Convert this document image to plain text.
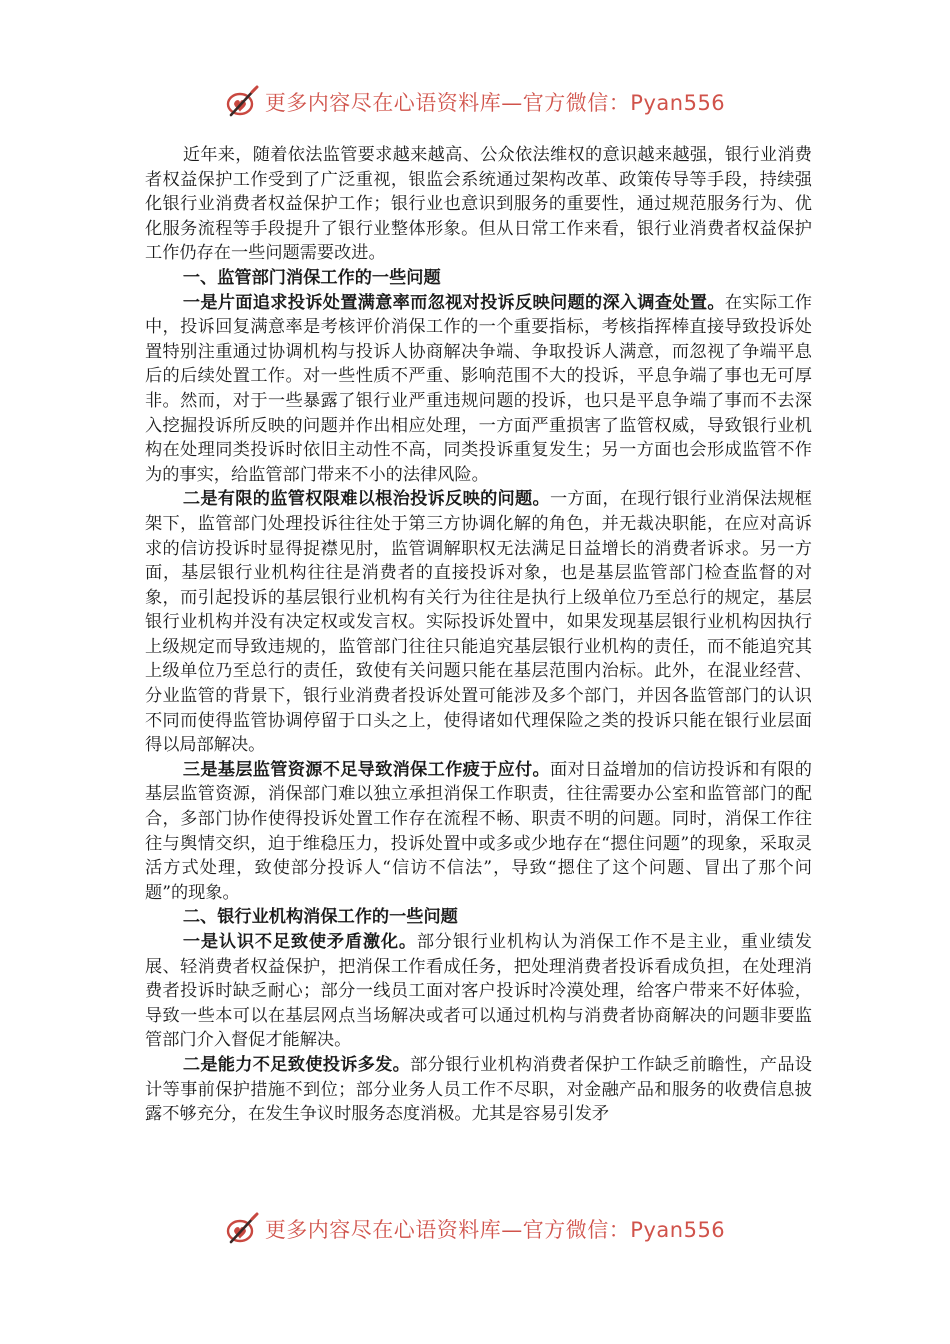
更多内容尽在心语资料库—官方微信：Pyan556

近年来，随着依法监管要求越来越高、公众依法维权的意识越来越强，银行业消费者权益保护工作受到了广泛重视，银监会系统通过架构改革、政策传导等手段，持续强化银行业消费者权益保护工作；银行业也意识到服务的重要性，通过规范服务行为、优化服务流程等手段提升了银行业整体形象。但从日常工作来看，银行业消费者权益保护工作仍存在一些问题需要改进。

一、监管部门消保工作的一些问题

一是片面追求投诉处置满意率而忽视对投诉反映问题的深入调查处置。在实际工作中，投诉回复满意率是考核评价消保工作的一个重要指标，考核指挥棒直接导致投诉处置特别注重通过协调机构与投诉人协商解决争端、争取投诉人满意，而忽视了争端平息后的后续处置工作。对一些性质不严重、影响范围不大的投诉，平息争端了事也无可厚非。然而，对于一些暴露了银行业严重违规问题的投诉，也只是平息争端了事而不去深入挖掘投诉所反映的问题并作出相应处理，一方面严重损害了监管权威，导致银行业机构在处理同类投诉时依旧主动性不高，同类投诉重复发生；另一方面也会形成监管不作为的事实，给监管部门带来不小的法律风险。

二是有限的监管权限难以根治投诉反映的问题。一方面，在现行银行业消保法规框架下，监管部门处理投诉往往处于第三方协调化解的角色，并无裁决职能，在应对高诉求的信访投诉时显得捉襟见肘，监管调解职权无法满足日益增长的消费者诉求。另一方面，基层银行业机构往往是消费者的直接投诉对象，也是基层监管部门检查监督的对象，而引起投诉的基层银行业机构有关行为往往是执行上级单位乃至总行的规定，基层银行业机构并没有决定权或发言权。实际投诉处置中，如果发现基层银行业机构因执行上级规定而导致违规的，监管部门往往只能追究基层银行业机构的责任，而不能追究其上级单位乃至总行的责任，致使有关问题只能在基层范围内治标。此外，在混业经营、分业监管的背景下，银行业消费者投诉处置可能涉及多个部门，并因各监管部门的认识不同而使得监管协调停留于口头之上，使得诸如代理保险之类的投诉只能在银行业层面得以局部解决。

三是基层监管资源不足导致消保工作疲于应付。面对日益增加的信访投诉和有限的基层监管资源，消保部门难以独立承担消保工作职责，往往需要办公室和监管部门的配合，多部门协作使得投诉处置工作存在流程不畅、职责不明的问题。同时，消保工作往往与舆情交织，迫于维稳压力，投诉处置中或多或少地存在“摁住问题”的现象，采取灵活方式处理，致使部分投诉人“信访不信法”，导致“摁住了这个问题、冒出了那个问题”的现象。

二、银行业机构消保工作的一些问题

一是认识不足致使矛盾激化。部分银行业机构认为消保工作不是主业，重业绩发展、轻消费者权益保护，把消保工作看成任务，把处理消费者投诉看成负担，在处理消费者投诉时缺乏耐心；部分一线员工面对客户投诉时冷漠处理，给客户带来不好体验，导致一些本可以在基层网点当场解决或者可以通过机构与消费者协商解决的问题非要监管部门介入督促才能解决。

二是能力不足致使投诉多发。部分银行业机构消费者保护工作缺乏前瞻性，产品设计等事前保护措施不到位；部分业务人员工作不尽职，对金融产品和服务的收费信息披露不够充分，在发生争议时服务态度消极。尤其是容易引发矛

更多内容尽在心语资料库—官方微信：Pyan556
